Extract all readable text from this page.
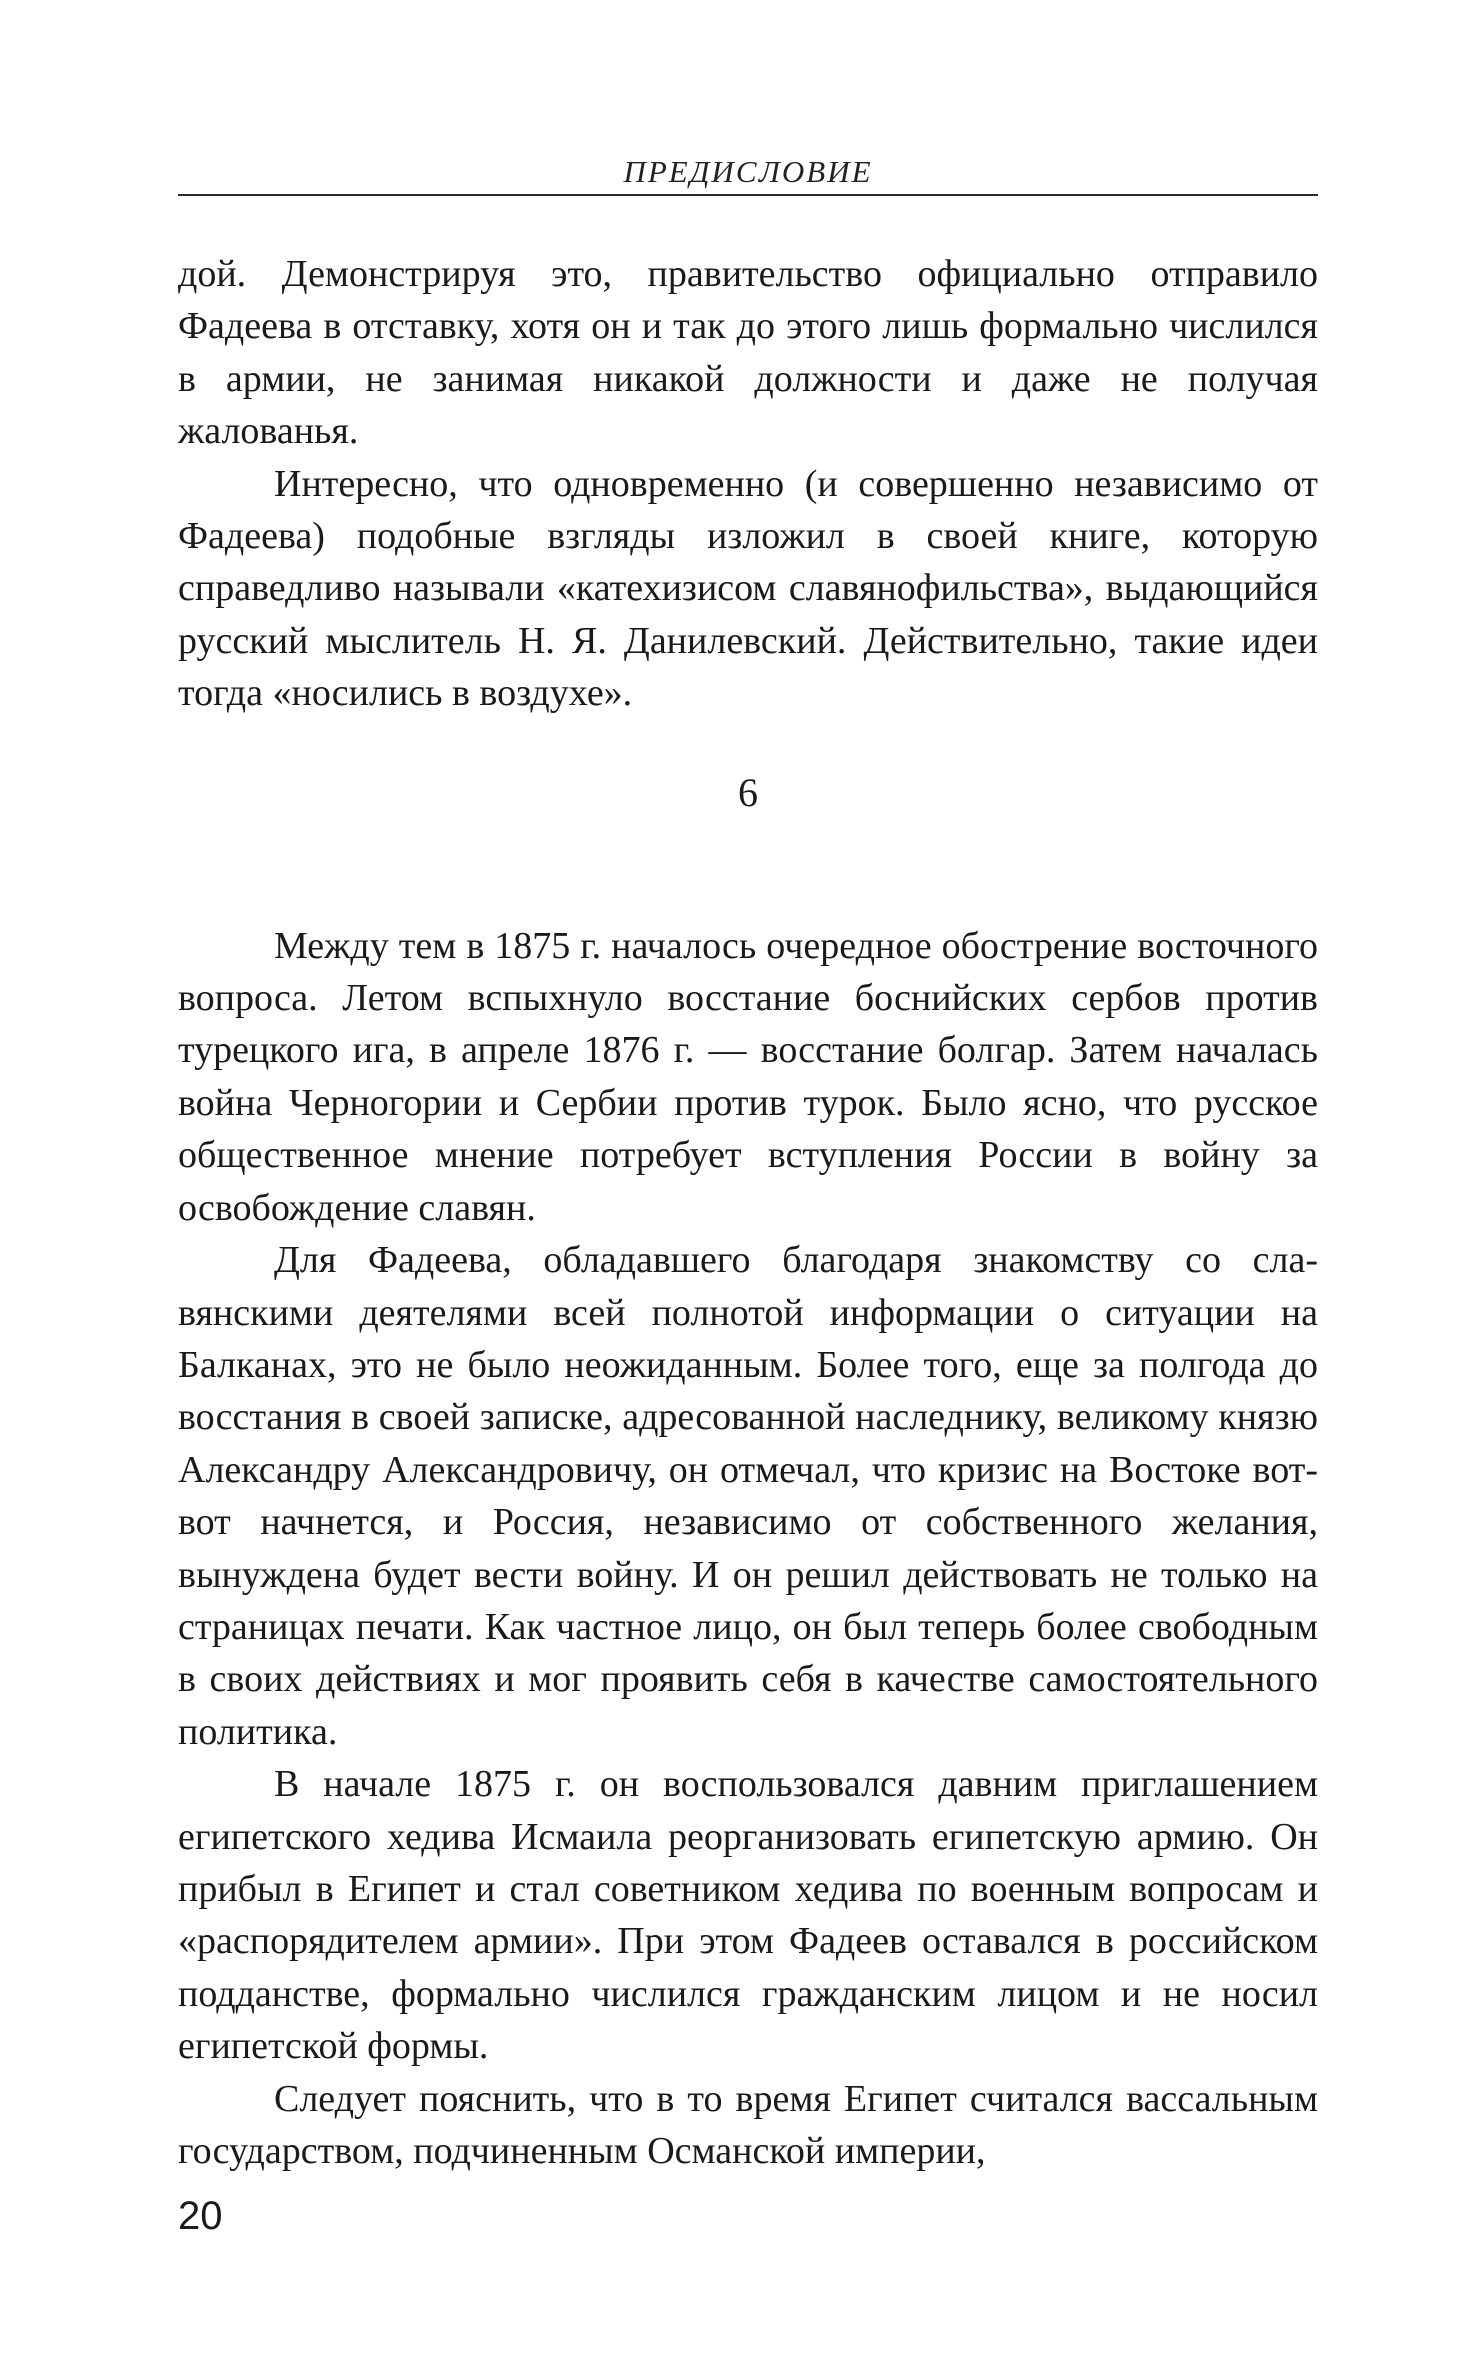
ПРЕДИСЛОВИЕ

дой. Демонстрируя это, правительство официально отправило Фадеева в отставку, хотя он и так до этого лишь формально числился в армии, не занимая никакой должности и даже не получая жалованья.

Интересно, что одновременно (и совершенно независимо от Фадеева) подобные взгляды изложил в своей книге, которую справедливо называли «катехизисом славянофильства», выдающийся русский мыслитель Н. Я. Данилевский. Действительно, такие идеи тогда «носились в воздухе».

6

Между тем в 1875 г. началось очередное обострение восточного вопроса. Летом вспыхнуло восстание боснийских сербов против турецкого ига, в апреле 1876 г. — восстание болгар. Затем началась война Черногории и Сербии против турок. Было ясно, что русское общественное мнение потребует вступления России в войну за освобождение славян.

Для Фадеева, обладавшего благодаря знакомству со славянскими деятелями всей полнотой информации о ситуации на Балканах, это не было неожиданным. Более того, еще за полгода до восстания в своей записке, адресованной наследнику, великому князю Александру Александровичу, он отмечал, что кризис на Востоке вот-вот начнется, и Россия, независимо от собственного желания, вынуждена будет вести войну. И он решил действовать не только на страницах печати. Как частное лицо, он был теперь более свободным в своих действиях и мог проявить себя в качестве самостоятельного политика.

В начале 1875 г. он воспользовался давним приглашением египетского хедива Исмаила реорганизовать египетскую армию. Он прибыл в Египет и стал советником хедива по военным вопросам и «распорядителем армии». При этом Фадеев оставался в российском подданстве, формально числился гражданским лицом и не носил египетской формы.

Следует пояснить, что в то время Египет считался вассальным государством, подчиненным Османской империи,

20
